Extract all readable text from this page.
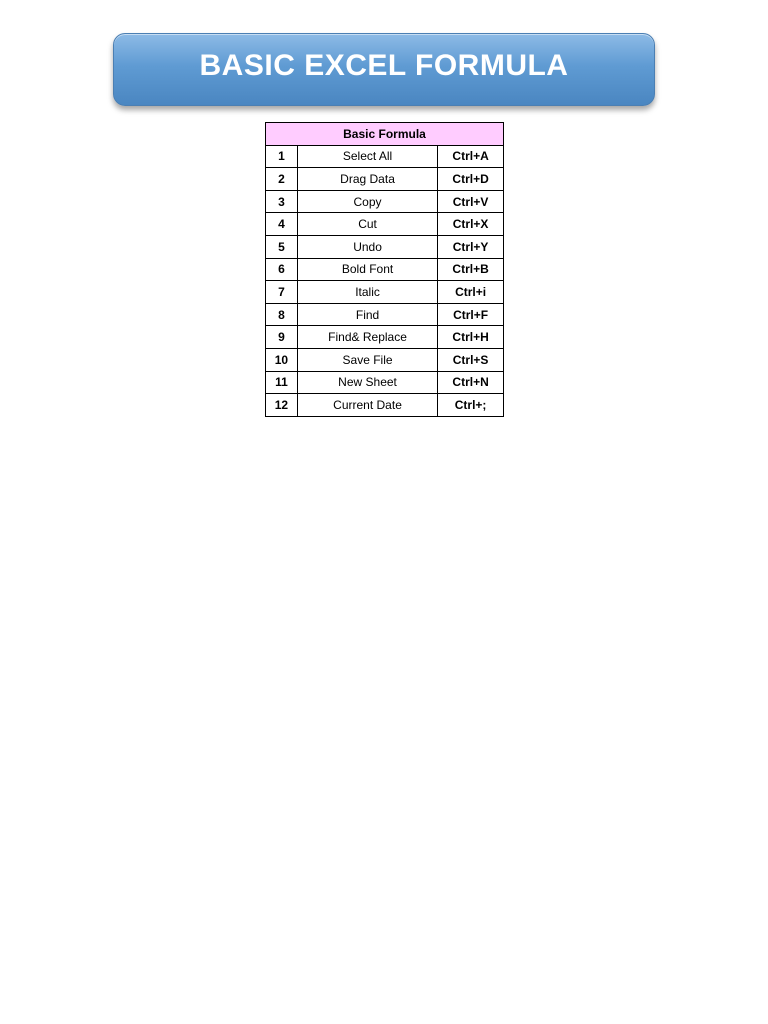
BASIC EXCEL FORMULA
Basic Formula		
1	Select All	Ctrl+A
2	Drag Data	Ctrl+D
3	Copy	Ctrl+V
4	Cut	Ctrl+X
5	Undo	Ctrl+Y
6	Bold Font	Ctrl+B
7	Italic	Ctrl+i
8	Find	Ctrl+F
9	Find& Replace	Ctrl+H
10	Save File	Ctrl+S
11	New Sheet	Ctrl+N
12	Current Date	Ctrl+;
